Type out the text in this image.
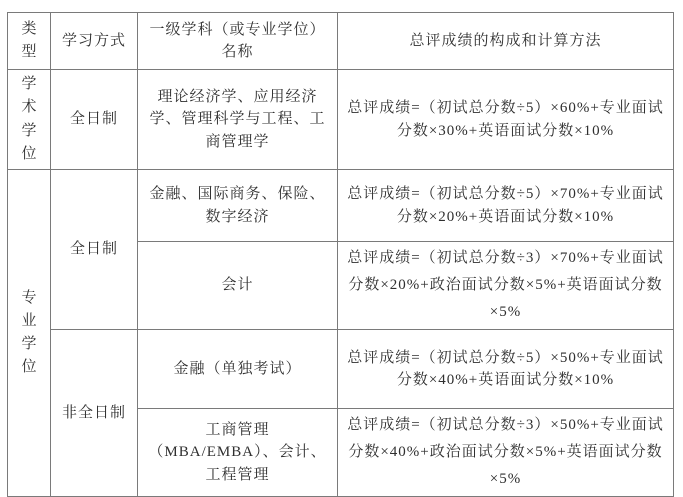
类型	学习方式	一级学科（或专业学位）名称	总评成绩的构成和计算方法
学术学位	全日制	理论经济学、应用经济学、管理科学与工程、工商管理学	总评成绩=（初试总分数÷5）×60%+专业面试分数×30%+英语面试分数×10%
专业学位	全日制	金融、国际商务、保险、数字经济	总评成绩=（初试总分数÷5）×70%+专业面试分数×20%+英语面试分数×10%
		会计	总评成绩=（初试总分数÷3）×70%+专业面试分数×20%+政治面试分数×5%+英语面试分数×5%
	非全日制	金融（单独考试）	总评成绩=（初试总分数÷5）×50%+专业面试分数×40%+英语面试分数×10%
		工商管理（MBA/EMBA）、会计、工程管理	总评成绩=（初试总分数÷3）×50%+专业面试分数×40%+政治面试分数×5%+英语面试分数×5%
